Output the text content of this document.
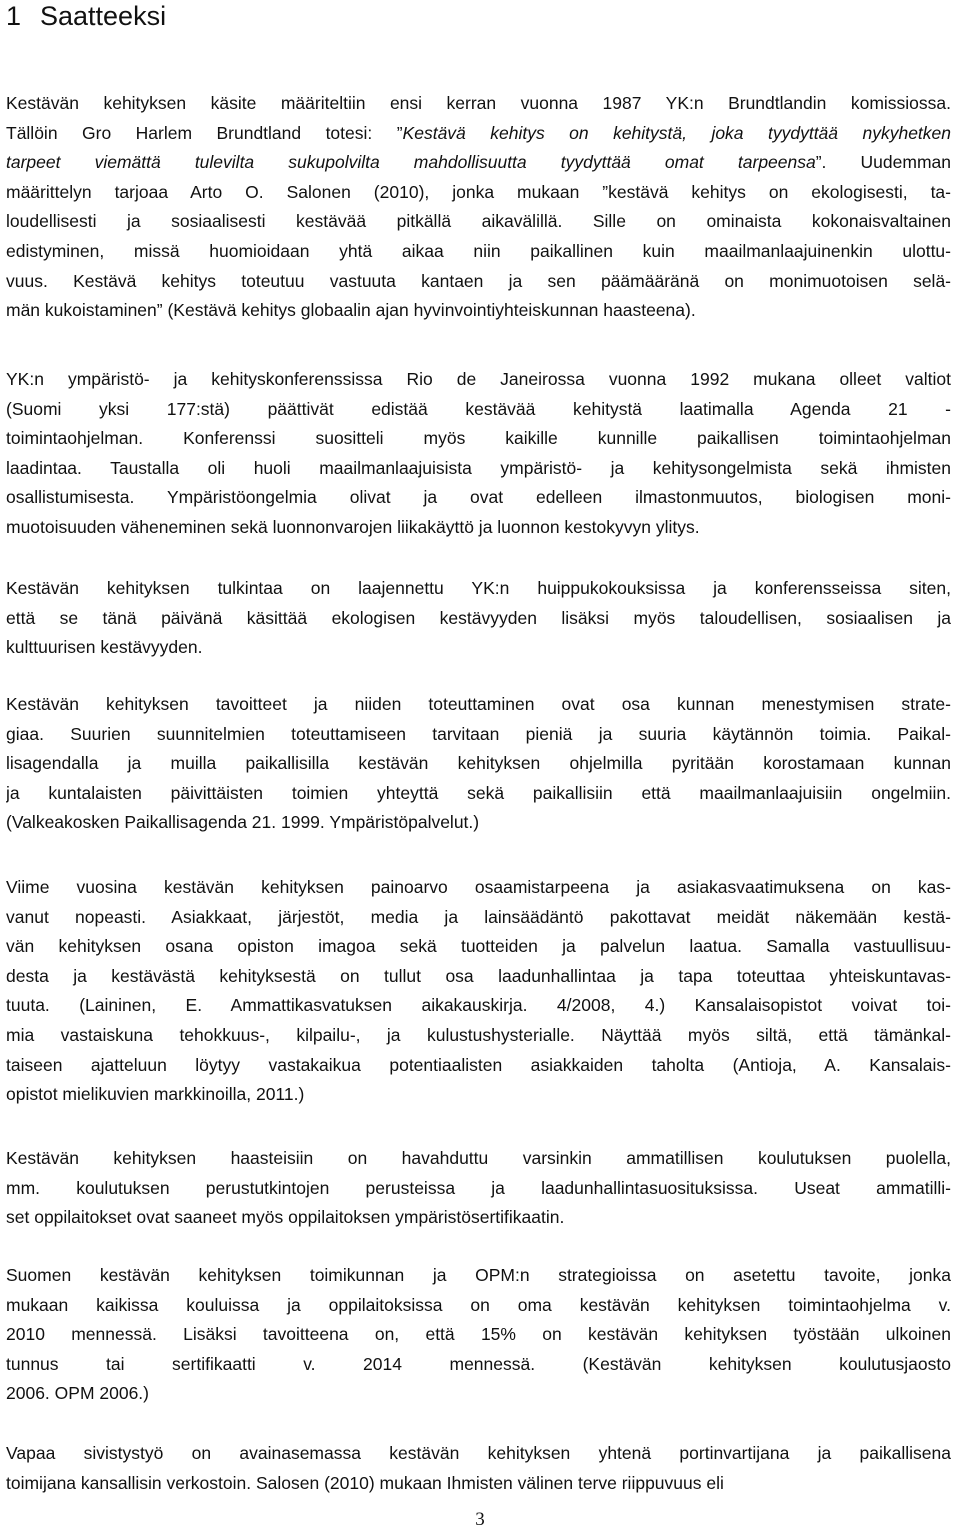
1 Saatteeksi
Kestävän kehityksen käsite määriteltiin ensi kerran vuonna 1987 YK:n Brundtlandin komissiossa.
Tällöin Gro Harlem Brundtland totesi: ”Kestävä kehitys on kehitystä, joka tyydyttää nykyhetken
tarpeet viemättä tulevilta sukupolvilta mahdollisuutta tyydyttää omat tarpeensa”. Uudemman
määrittelyn tarjoaa Arto O. Salonen (2010), jonka mukaan ”kestävä kehitys on ekologisesti, ta-
loudellisesti ja sosiaalisesti kestävää pitkällä aikavälillä. Sille on ominaista kokonaisvaltainen
edistyminen, missä huomioidaan yhtä aikaa niin paikallinen kuin maailmanlaajuinenkin ulottu-
vuus. Kestävä kehitys toteutuu vastuuta kantaen ja sen päämääränä on monimuotoisen selä-
män kukoistaminen” (Kestävä kehitys globaalin ajan hyvinvointiyhteiskunnan haasteena).
YK:n ympäristö- ja kehityskonferenssissa Rio de Janeirossa vuonna 1992 mukana olleet valtiot
(Suomi yksi 177:stä) päättivät edistää kestävää kehitystä laatimalla Agenda 21 -
toimintaohjelman. Konferenssi suositteli myös kaikille kunnille paikallisen toimintaohjelman
laadintaa. Taustalla oli huoli maailmanlaajuisista ympäristö- ja kehitysongelmista sekä ihmisten
osallistumisesta. Ympäristöongelmia olivat ja ovat edelleen ilmastonmuutos, biologisen moni-
muotoisuuden väheneminen sekä luonnonvarojen liikakäyttö ja luonnon kestokyvyn ylitys.
Kestävän kehityksen tulkintaa on laajennettu YK:n huippukokouksissa ja konferensseissa siten,
että se tänä päivänä käsittää ekologisen kestävyyden lisäksi myös taloudellisen, sosiaalisen ja
kulttuurisen kestävyyden.
Kestävän kehityksen tavoitteet ja niiden toteuttaminen ovat osa kunnan menestymisen strate-
giaa. Suurien suunnitelmien toteuttamiseen tarvitaan pieniä ja suuria käytännön toimia. Paikal-
lisagendalla ja muilla paikallisilla kestävän kehityksen ohjelmilla pyritään korostamaan kunnan
ja kuntalaisten päivittäisten toimien yhteyttä sekä paikallisiin että maailmanlaajuisiin ongelmiin.
(Valkeakosken Paikallisagenda 21. 1999. Ympäristöpalvelut.)
Viime vuosina kestävän kehityksen painoarvo osaamistarpeena ja asiakasvaatimuksena on kas-
vanut nopeasti. Asiakkaat, järjestöt, media ja lainsäädäntö pakottavat meidät näkemään kestä-
vän kehityksen osana opiston imagoa sekä tuotteiden ja palvelun laatua. Samalla vastuullisuu-
desta ja kestävästä kehityksestä on tullut osa laadunhallintaa ja tapa toteuttaa yhteiskuntavas-
tuuta. (Laininen, E. Ammattikasvatuksen aikakauskirja. 4/2008, 4.) Kansalaisopistot voivat toi-
mia vastaiskuna tehokkuus-, kilpailu-, ja kulustushysterialle. Näyttää myös siltä, että tämänkal-
taiseen ajatteluun löytyy vastakaikua potentiaalisten asiakkaiden taholta (Antioja, A. Kansalais-
opistot mielikuvien markkinoilla, 2011.)
Kestävän kehityksen haasteisiin on havahduttu varsinkin ammatillisen koulutuksen puolella,
mm. koulutuksen perustutkintojen perusteissa ja laadunhallintasuosituksissa. Useat ammatilli-
set oppilaitokset ovat saaneet myös oppilaitoksen ympäristösertifikaatin.
Suomen kestävän kehityksen toimikunnan ja OPM:n strategioissa on asetettu tavoite, jonka
mukaan kaikissa kouluissa ja oppilaitoksissa on oma kestävän kehityksen toimintaohjelma v.
2010 mennessä. Lisäksi tavoitteena on, että 15% on kestävän kehityksen työstään ulkoinen
tunnus tai sertifikaatti v. 2014 mennessä. (Kestävän kehityksen koulutusjaosto
2006. OPM 2006.)
Vapaa sivistystyö on avainasemassa kestävän kehityksen yhtenä portinvartijana ja paikallisena
toimijana kansallisin verkostoin. Salosen (2010) mukaan Ihmisten välinen terve riippuvuus eli
3
